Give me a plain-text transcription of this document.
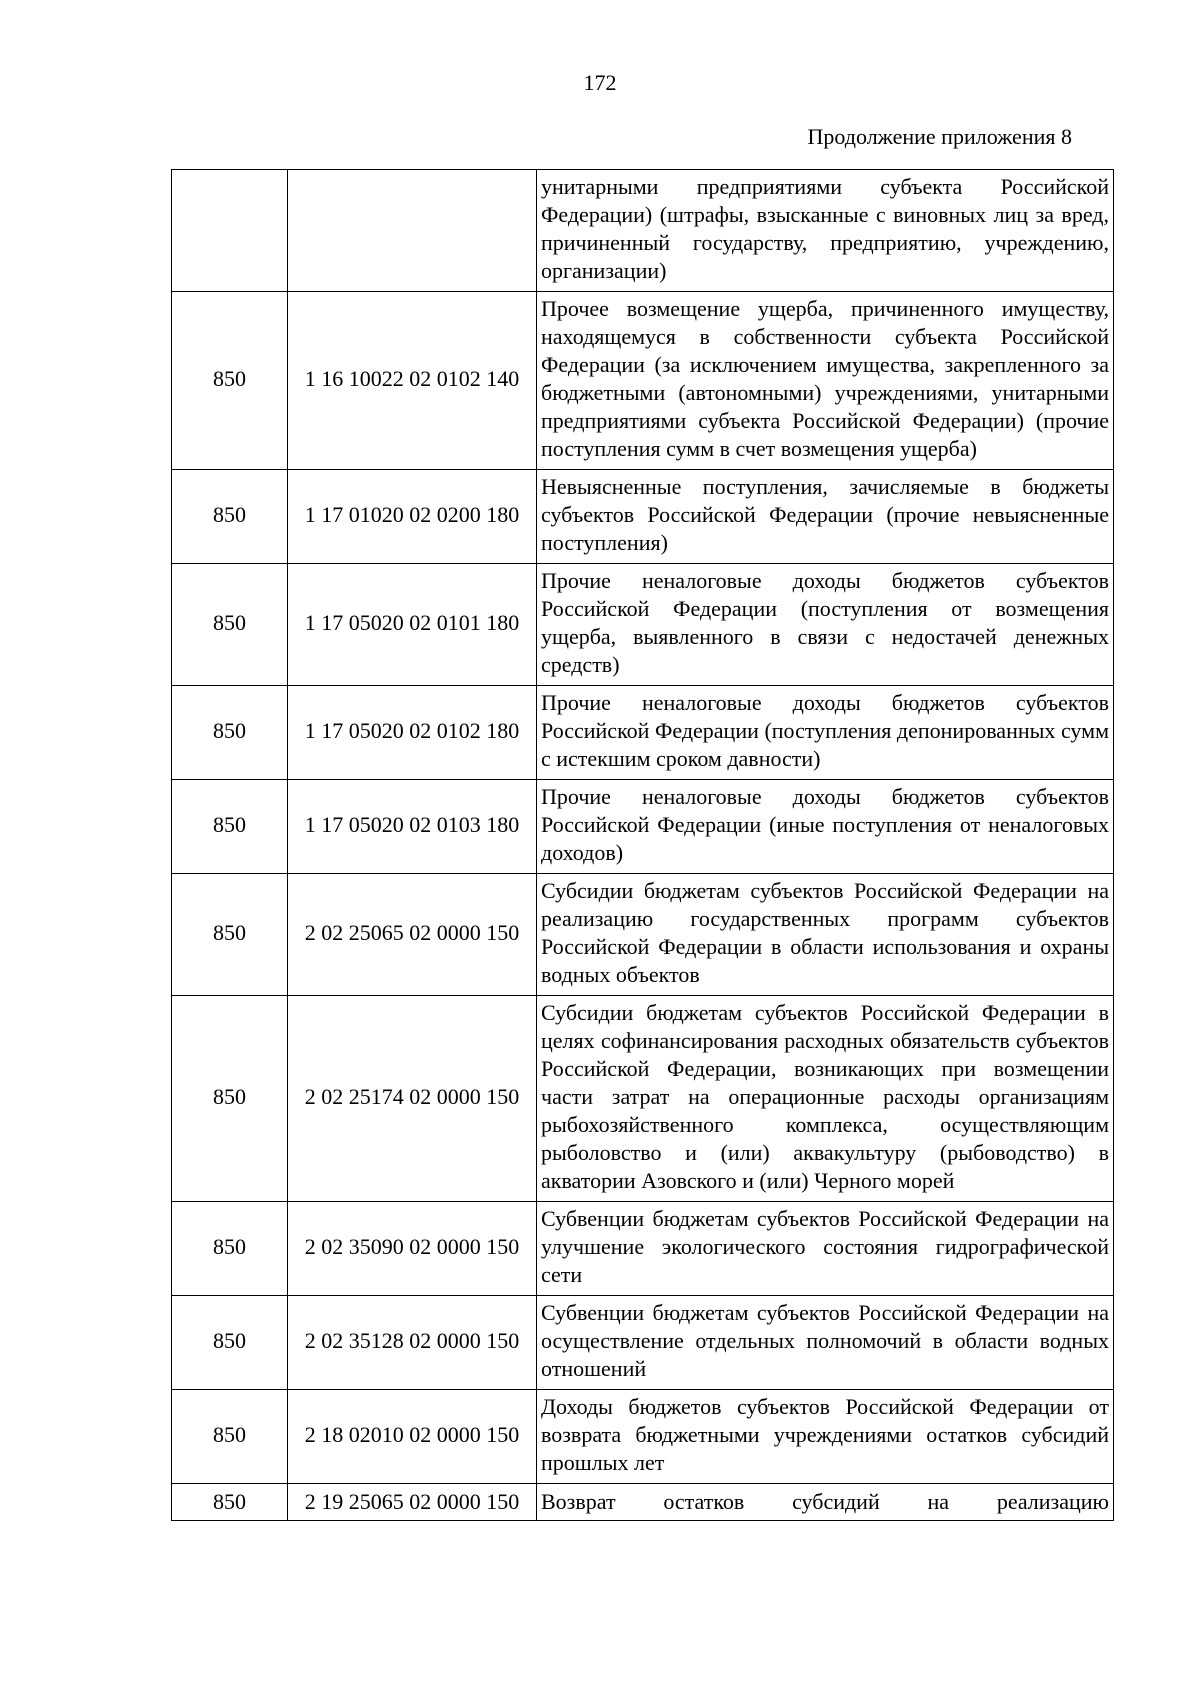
172
Продолжение приложения 8
		унитарными предприятиями субъекта Российской Федерации) (штрафы, взысканные с виновных лиц за вред, причиненный государству, предприятию, учреждению, организации)
850	1 16 10022 02 0102 140	Прочее возмещение ущерба, причиненного имуществу, находящемуся в собственности субъекта Российской Федерации (за исключением имущества, закрепленного за бюджетными (автономными) учреждениями, унитарными предприятиями субъекта Российской Федерации) (прочие поступления сумм в счет возмещения ущерба)
850	1 17 01020 02 0200 180	Невыясненные поступления, зачисляемые в бюджеты субъектов Российской Федерации (прочие невыясненные поступления)
850	1 17 05020 02 0101 180	Прочие неналоговые доходы бюджетов субъектов Российской Федерации (поступления от возмещения ущерба, выявленного в связи с недостачей денежных средств)
850	1 17 05020 02 0102 180	Прочие неналоговые доходы бюджетов субъектов Российской Федерации (поступления депонированных сумм с истекшим сроком давности)
850	1 17 05020 02 0103 180	Прочие неналоговые доходы бюджетов субъектов Российской Федерации (иные поступления от неналоговых доходов)
850	2 02 25065 02 0000 150	Субсидии бюджетам субъектов Российской Федерации на реализацию государственных программ субъектов Российской Федерации в области использования и охраны водных объектов
850	2 02 25174 02 0000 150	Субсидии бюджетам субъектов Российской Федерации в целях софинансирования расходных обязательств субъектов Российской Федерации, возникающих при возмещении части затрат на операционные расходы организациям рыбохозяйственного комплекса, осуществляющим рыболовство и (или) аквакультуру (рыбоводство) в акватории Азовского и (или) Черного морей
850	2 02 35090 02 0000 150	Субвенции бюджетам субъектов Российской Федерации на улучшение экологического состояния гидрографической сети
850	2 02 35128 02 0000 150	Субвенции бюджетам субъектов Российской Федерации на осуществление отдельных полномочий в области водных отношений
850	2 18 02010 02 0000 150	Доходы бюджетов субъектов Российской Федерации от возврата бюджетными учреждениями остатков субсидий прошлых лет
850	2 19 25065 02 0000 150	Возврат остатков субсидий на реализацию
